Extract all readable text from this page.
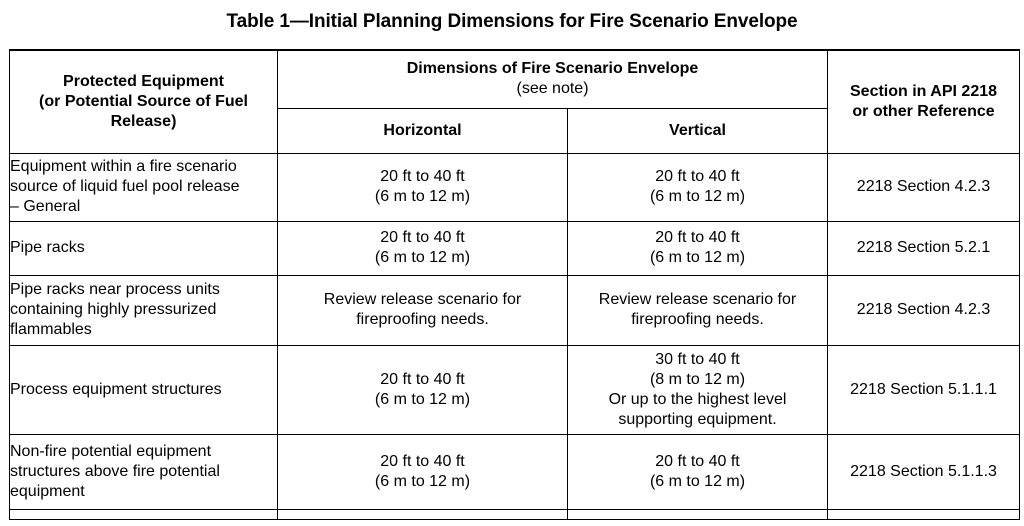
Table 1—Initial Planning Dimensions for Fire Scenario Envelope
Protected Equipment
(or Potential Source of Fuel
Release)	Dimensions of Fire Scenario Envelope
(see note)		Section in API 2218
or other Reference

	Horizontal	Vertical	

Equipment within a fire scenario
source of liquid fuel pool release
– General	20 ft to 40 ft
(6 m to 12 m)	20 ft to 40 ft
(6 m to 12 m)	2218 Section 4.2.3

Pipe racks	20 ft to 40 ft
(6 m to 12 m)	20 ft to 40 ft
(6 m to 12 m)	2218 Section 5.2.1

Pipe racks near process units
containing highly pressurized
flammables	Review release scenario for
fireproofing needs.	Review release scenario for
fireproofing needs.	2218 Section 4.2.3

Process equipment structures	20 ft to 40 ft
(6 m to 12 m)	30 ft to 40 ft
(8 m to 12 m)
Or up to the highest level
supporting equipment.	2218 Section 5.1.1.1

Non-fire potential equipment
structures above fire potential
equipment	20 ft to 40 ft
(6 m to 12 m)	20 ft to 40 ft
(6 m to 12 m)	2218 Section 5.1.1.3
